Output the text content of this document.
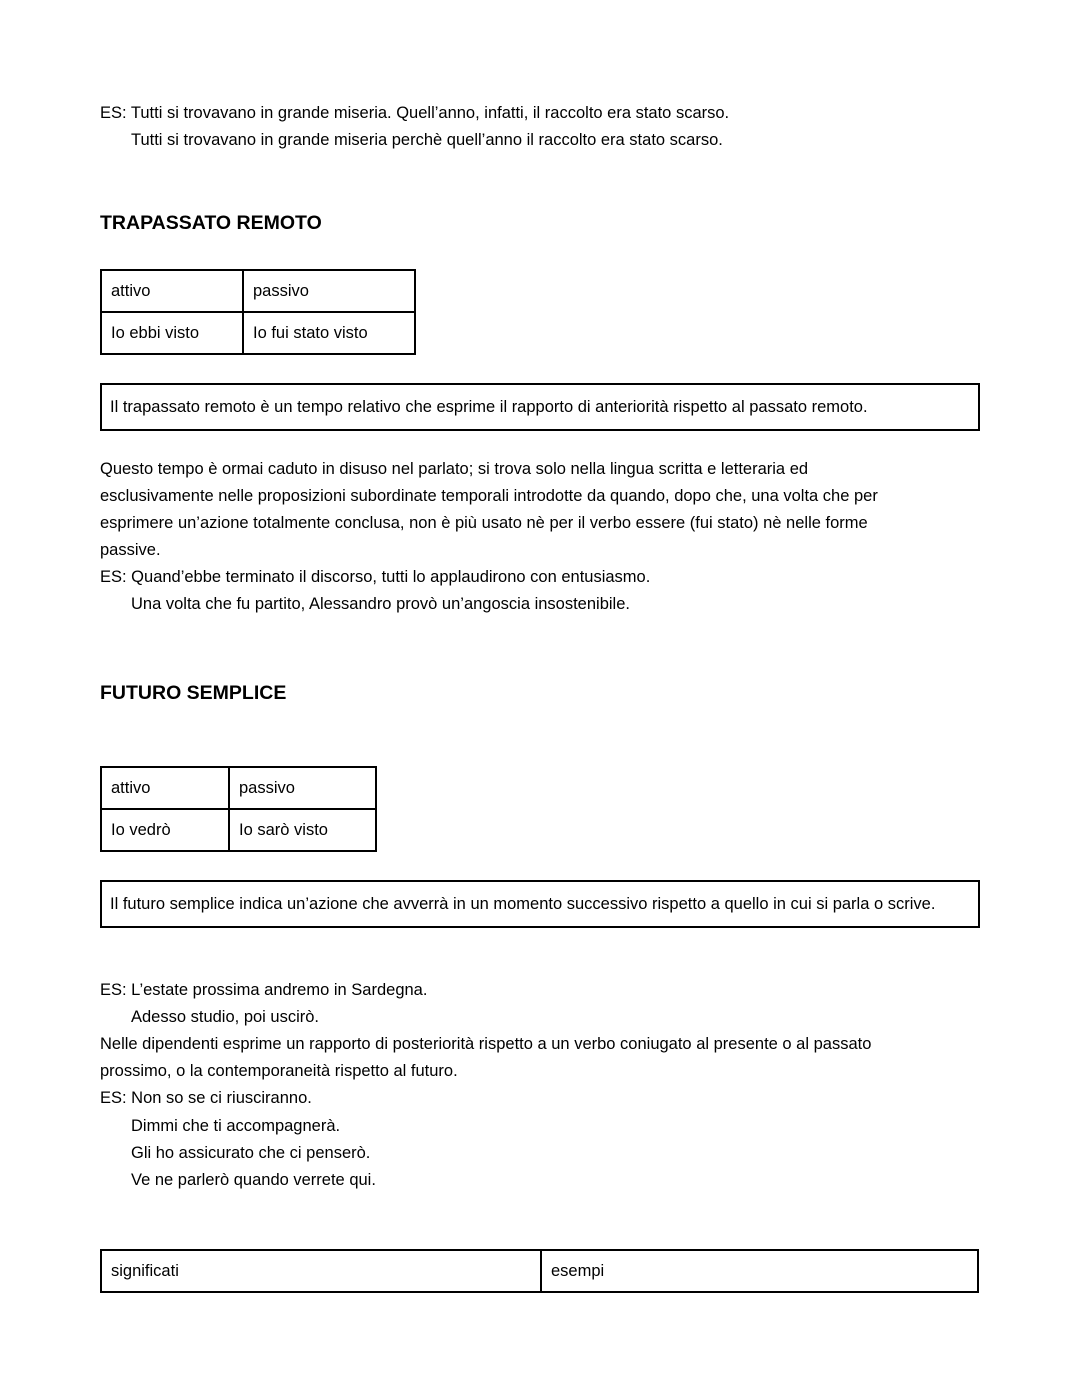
ES: Tutti si trovavano in grande miseria. Quell’anno, infatti, il raccolto era stato scarso.
Tutti si trovavano in grande miseria perchè quell’anno il raccolto era stato scarso.
TRAPASSATO REMOTO
attivo	passivo
Io ebbi visto	Io fui stato visto
Il trapassato remoto è un tempo relativo che esprime il rapporto di anteriorità rispetto al passato remoto.
Questo tempo è ormai caduto in disuso nel parlato; si trova solo nella lingua scritta e letteraria ed
esclusivamente nelle proposizioni subordinate temporali introdotte da quando, dopo che, una volta che per
esprimere un’azione totalmente conclusa, non è più usato nè per il verbo essere (fui stato) nè nelle forme
passive.
ES: Quand’ebbe terminato il discorso, tutti lo applaudirono con entusiasmo.
Una volta che fu partito, Alessandro provò un’angoscia insostenibile.
FUTURO SEMPLICE
attivo	passivo
Io vedrò	Io sarò visto
Il futuro semplice indica un’azione che avverrà in un momento successivo rispetto a quello in cui si parla o scrive.
ES: L’estate prossima andremo in Sardegna.
Adesso studio, poi uscirò.
Nelle dipendenti esprime un rapporto di posteriorità rispetto a un verbo coniugato al presente o al passato
prossimo, o la contemporaneità rispetto al futuro.
ES: Non so se ci riusciranno.
Dimmi che ti accompagnerà.
Gli ho assicurato che ci penserò.
Ve ne parlerò quando verrete qui.
significati	esempi
